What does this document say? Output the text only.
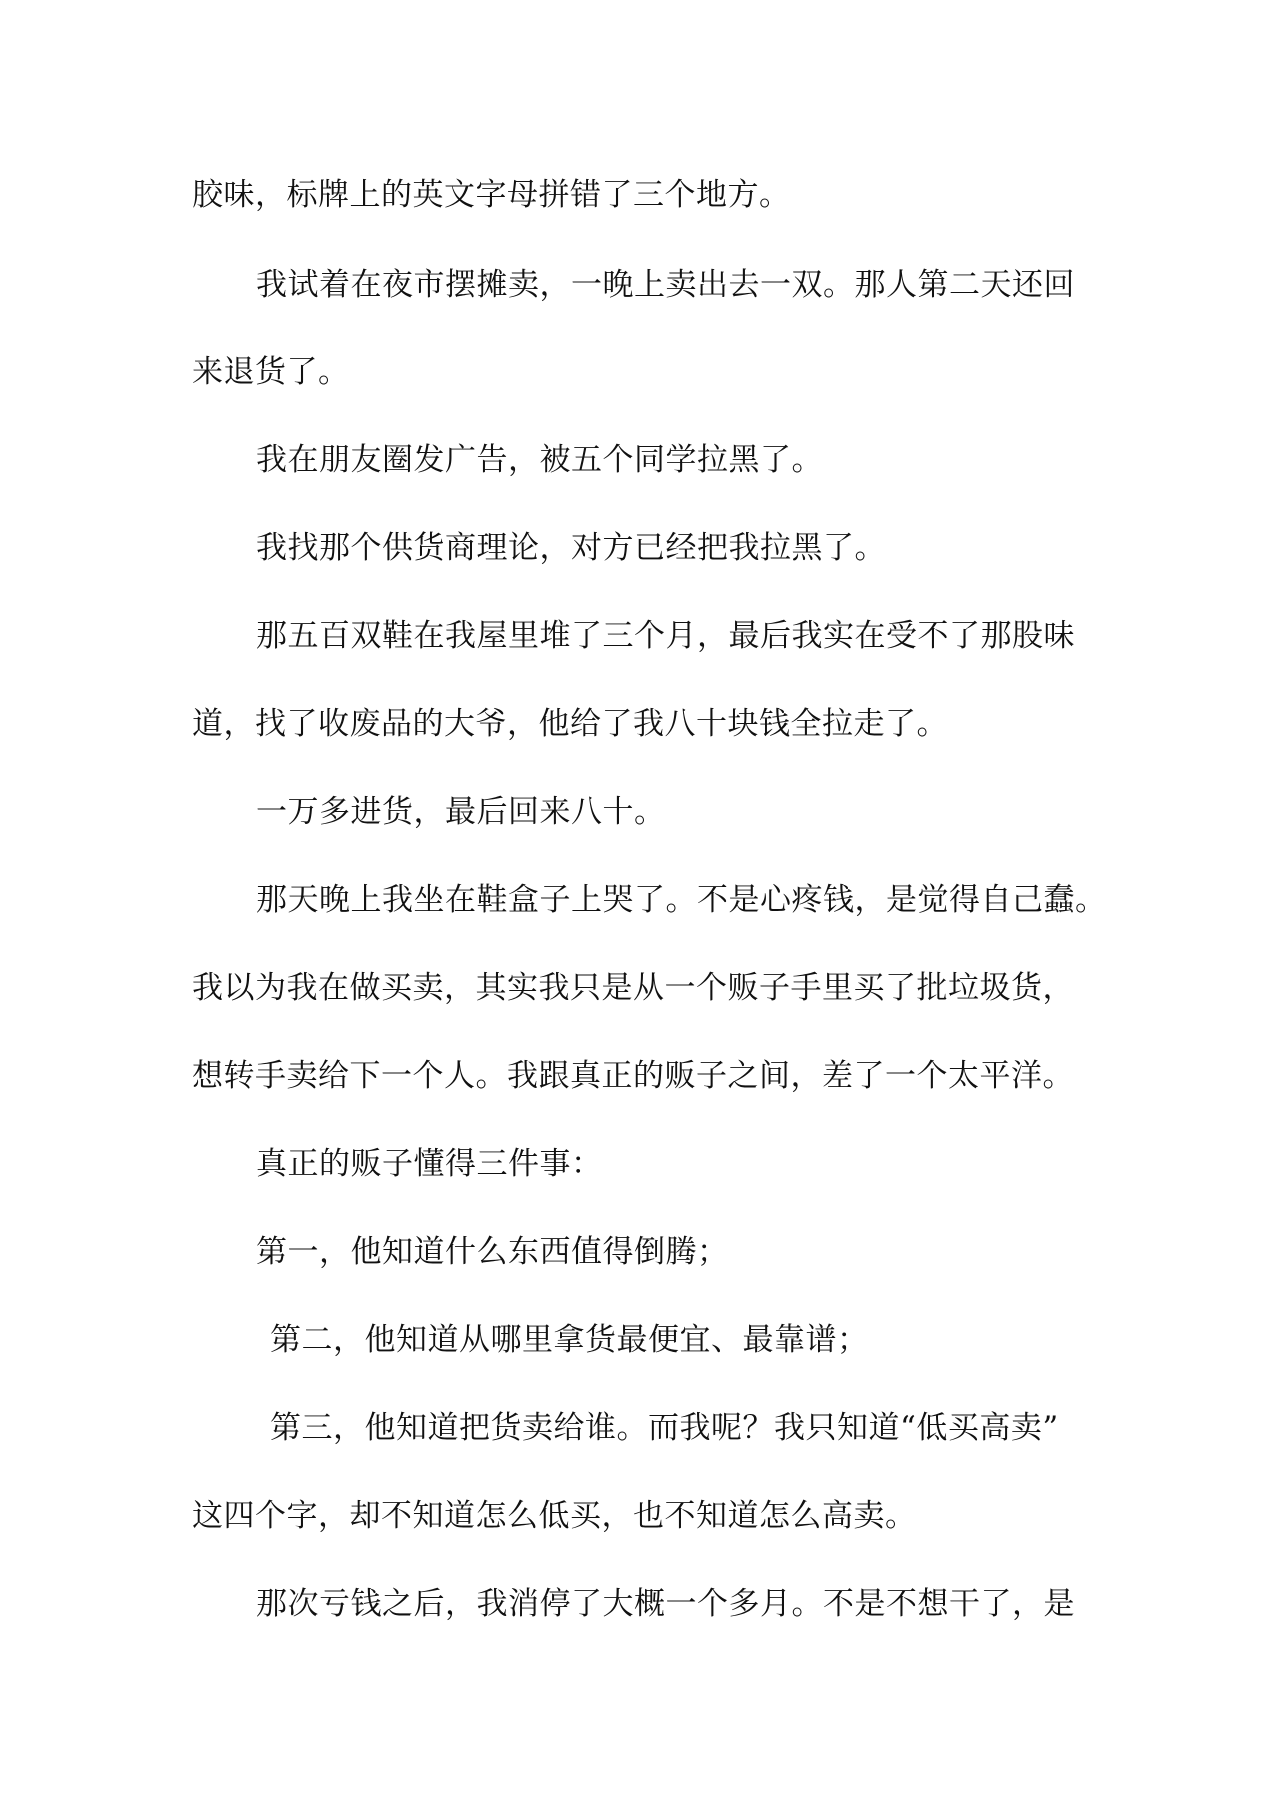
胶味，标牌上的英文字母拼错了三个地方。

我试着在夜市摆摊卖，一晚上卖出去一双。那人第二天还回

来退货了。

我在朋友圈发广告，被五个同学拉黑了。

我找那个供货商理论，对方已经把我拉黑了。

那五百双鞋在我屋里堆了三个月，最后我实在受不了那股味

道，找了收废品的大爷，他给了我八十块钱全拉走了。

一万多进货，最后回来八十。

那天晚上我坐在鞋盒子上哭了。不是心疼钱，是觉得自己蠢。

我以为我在做买卖，其实我只是从一个贩子手里买了批垃圾货，

想转手卖给下一个人。我跟真正的贩子之间，差了一个太平洋。

真正的贩子懂得三件事：

第一，他知道什么东西值得倒腾；

第二，他知道从哪里拿货最便宜、最靠谱；

第三，他知道把货卖给谁。而我呢？我只知道“低买高卖”

这四个字，却不知道怎么低买，也不知道怎么高卖。

那次亏钱之后，我消停了大概一个多月。不是不想干了，是
